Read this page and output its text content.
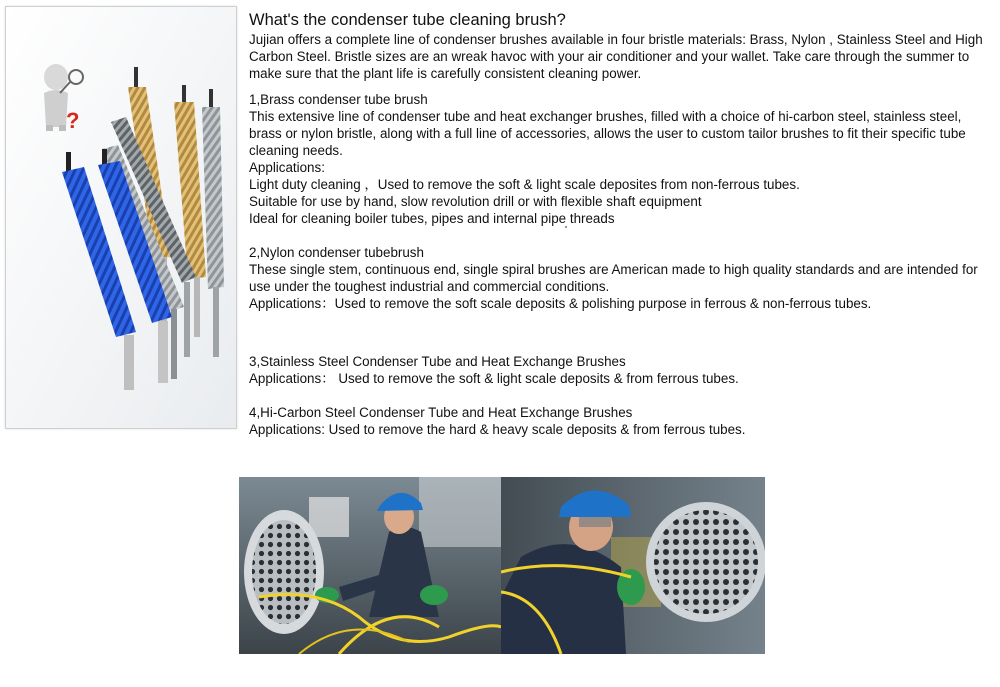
?

What's the condenser tube cleaning brush?

Jujian offers a complete line of condenser brushes available in four bristle materials: Brass, Nylon , Stainless Steel and High Carbon Steel. Bristle sizes are an wreak havoc with your air conditioner and your wallet. Take care through the summer to make sure that the plant life is carefully consistent cleaning power.

1,Brass condenser tube brush

This extensive line of condenser tube and heat exchanger brushes, filled with a choice of hi-carbon steel, stainless steel, brass or nylon bristle, along with a full line of accessories, allows the user to custom tailor brushes to fit their specific tube cleaning needs.

Applications:

Light duty cleaning ，Used to remove the soft & light scale deposites from non-ferrous tubes.

Suitable for use by hand, slow revolution drill or with flexible shaft equipment

Ideal for cleaning boiler tubes, pipes and internal pipe threads

2,Nylon condenser tubebrush

These single stem, continuous end, single spiral brushes are American made to high quality standards and are intended for use under the toughest industrial and commercial conditions.

Applications：Used to remove the soft scale deposits & polishing purpose in ferrous & non-ferrous tubes.

3,Stainless Steel Condenser Tube and Heat Exchange Brushes

Applications： Used to remove the soft & light scale deposits & from ferrous tubes.

4,Hi-Carbon Steel Condenser Tube and Heat Exchange Brushes

Applications: Used to remove the hard & heavy scale deposits & from ferrous tubes.
